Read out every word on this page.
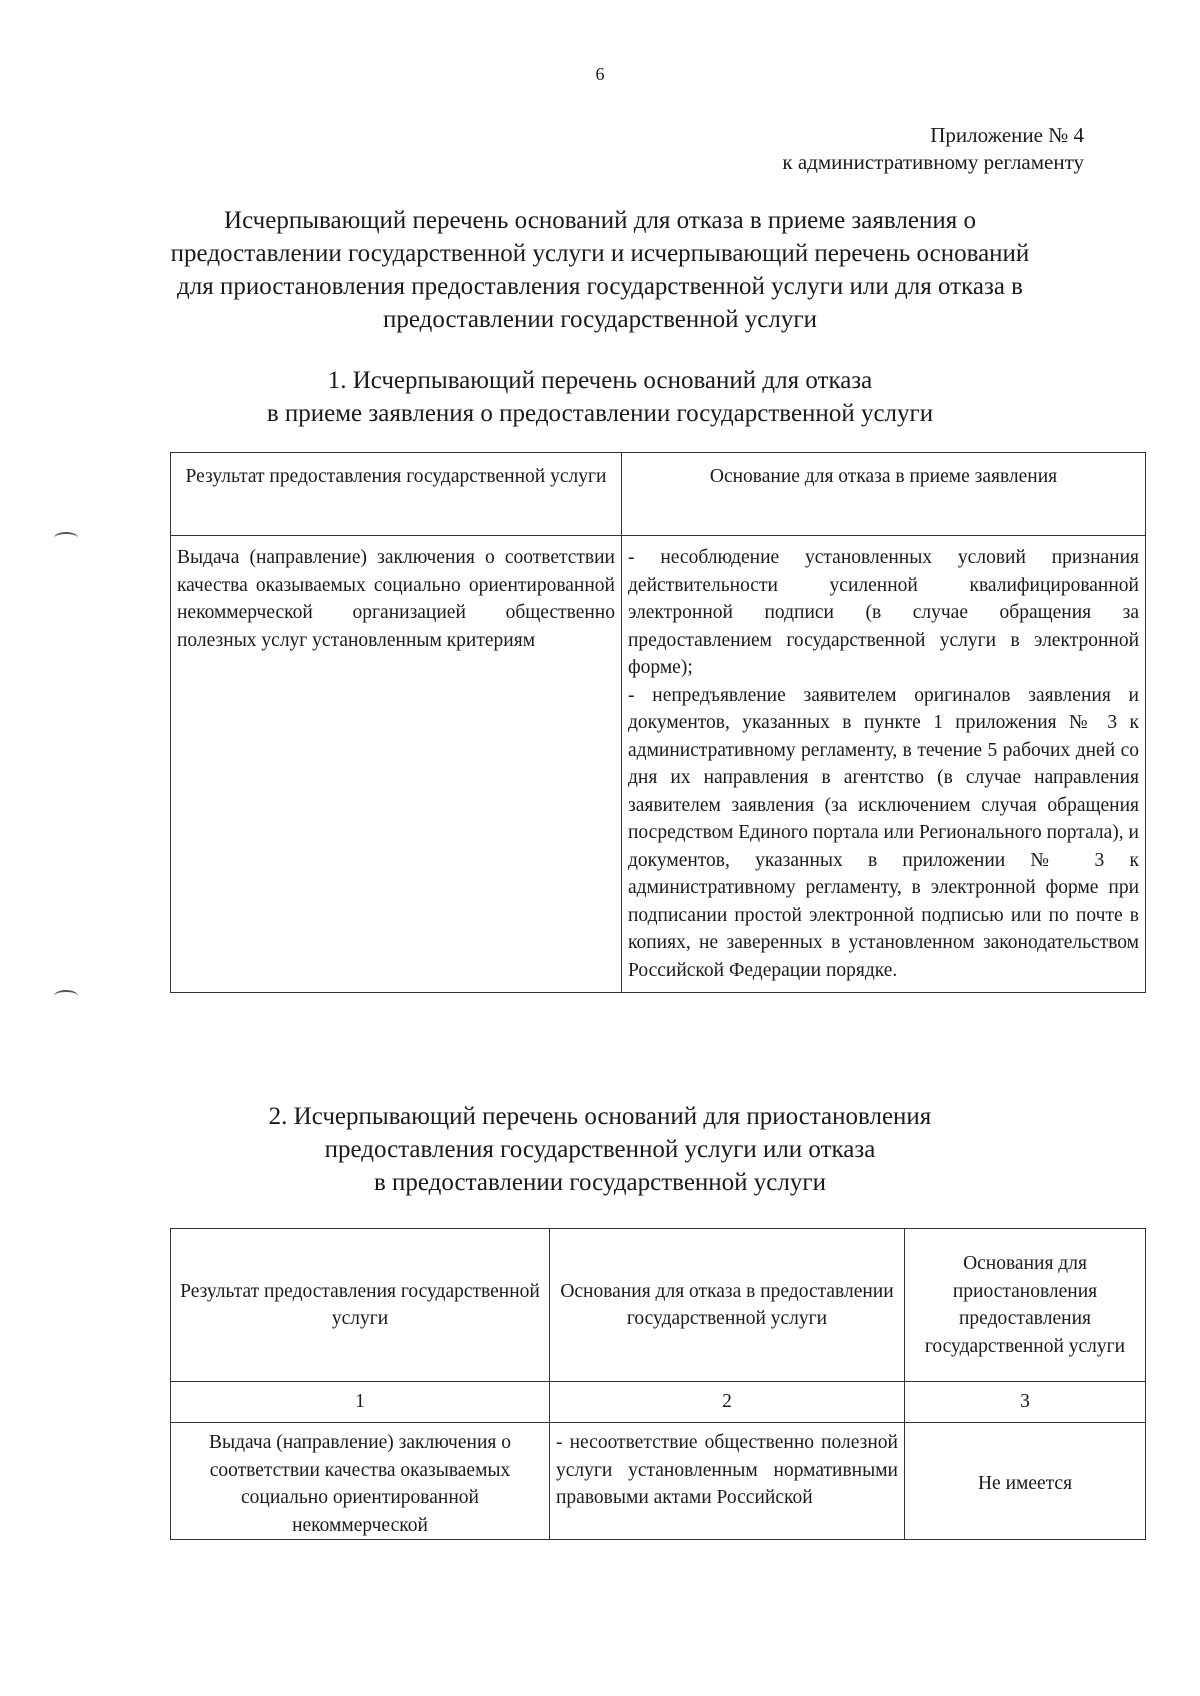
6
Приложение № 4
к административному регламенту
Исчерпывающий перечень оснований для отказа в приеме заявления о предоставлении государственной услуги и исчерпывающий перечень оснований для приостановления предоставления государственной услуги или для отказа в предоставлении государственной услуги
1. Исчерпывающий перечень оснований для отказа
в приеме заявления о предоставлении государственной услуги
Результат предоставления государственной услуги	Основание для отказа в приеме заявления
Выдача (направление) заключения о соответствии качества оказываемых социально ориентированной некоммерческой организацией общественно полезных услуг установленным критериям	- несоблюдение установленных условий признания действительности усиленной квалифицированной электронной подписи (в случае обращения за предоставлением государственной услуги в электронной форме);
- непредъявление заявителем оригиналов заявления и документов, указанных в пункте 1 приложения № 3 к административному регламенту, в течение 5 рабочих дней со дня их направления в агентство (в случае направления заявителем заявления (за исключением случая обращения посредством Единого портала или Регионального портала), и документов, указанных в приложении № 3 к административному регламенту, в электронной форме при подписании простой электронной подписью или по почте в копиях, не заверенных в установленном законодательством Российской Федерации порядке.
2. Исчерпывающий перечень оснований для приостановления
предоставления государственной услуги или отказа
в предоставлении государственной услуги
Результат предоставления государственной услуги	Основания для отказа в предоставлении государственной услуги	Основания для приостановления предоставления государственной услуги
1	2	3
Выдача (направление) заключения о соответствии качества оказываемых социально ориентированной некоммерческой	- несоответствие общественно полезной услуги установленным нормативными правовыми актами Российской	Не имеется
